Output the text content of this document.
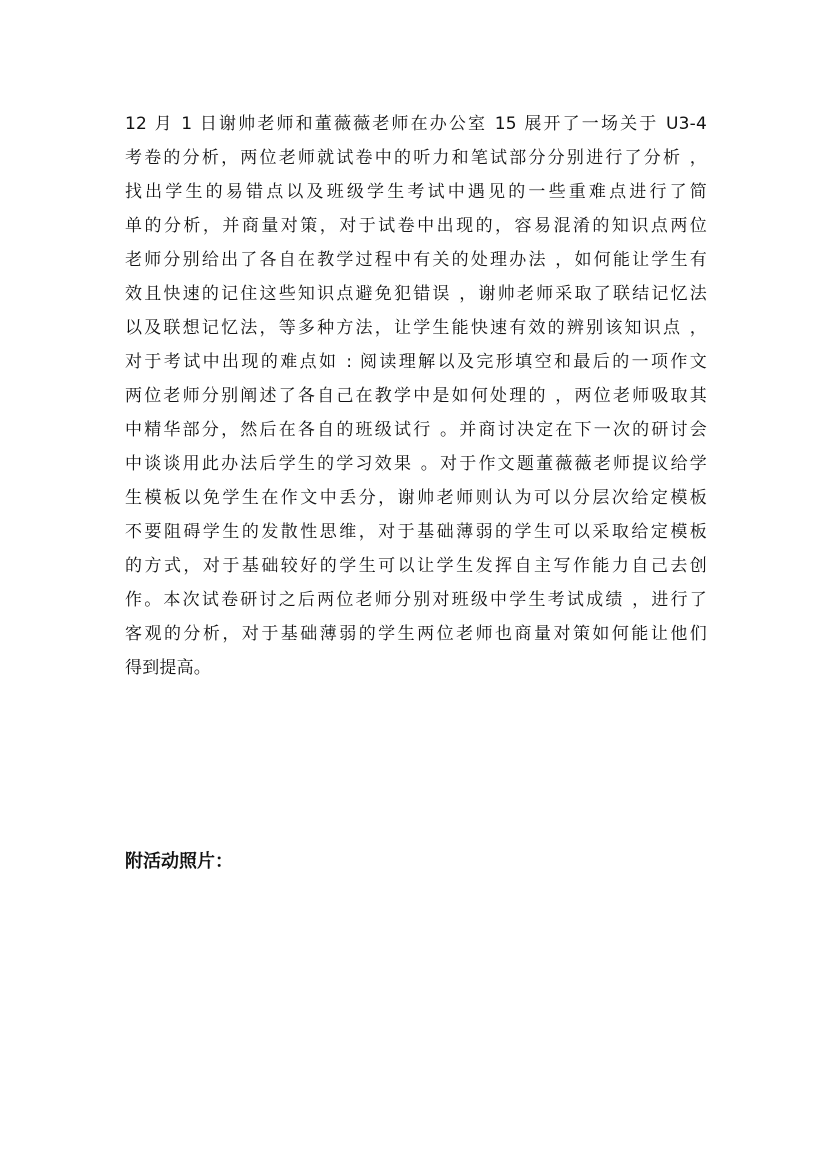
12 月 1 日谢帅老师和董薇薇老师在办公室 15 展开了一场关于 U3-4
考卷的分析，两位老师就试卷中的听力和笔试部分分别进行了分析 ，
找出学生的易错点以及班级学生考试中遇见的一些重难点进行了简
单的分析，并商量对策，对于试卷中出现的，容易混淆的知识点两位
老师分别给出了各自在教学过程中有关的处理办法 ，如何能让学生有
效且快速的记住这些知识点避免犯错误 ，谢帅老师采取了联结记忆法
以及联想记忆法，等多种方法，让学生能快速有效的辨别该知识点 ，
对于考试中出现的难点如 : 阅读理解以及完形填空和最后的一项作文
两位老师分别阐述了各自己在教学中是如何处理的 ，两位老师吸取其
中精华部分，然后在各自的班级试行 。并商讨决定在下一次的研讨会
中谈谈用此办法后学生的学习效果 。对于作文题董薇薇老师提议给学
生模板以免学生在作文中丢分，谢帅老师则认为可以分层次给定模板
不要阻碍学生的发散性思维，对于基础薄弱的学生可以采取给定模板
的方式，对于基础较好的学生可以让学生发挥自主写作能力自己去创
作。本次试卷研讨之后两位老师分别对班级中学生考试成绩 ，进行了
客观的分析，对于基础薄弱的学生两位老师也商量对策如何能让他们
得到提高。
附活动照片：
